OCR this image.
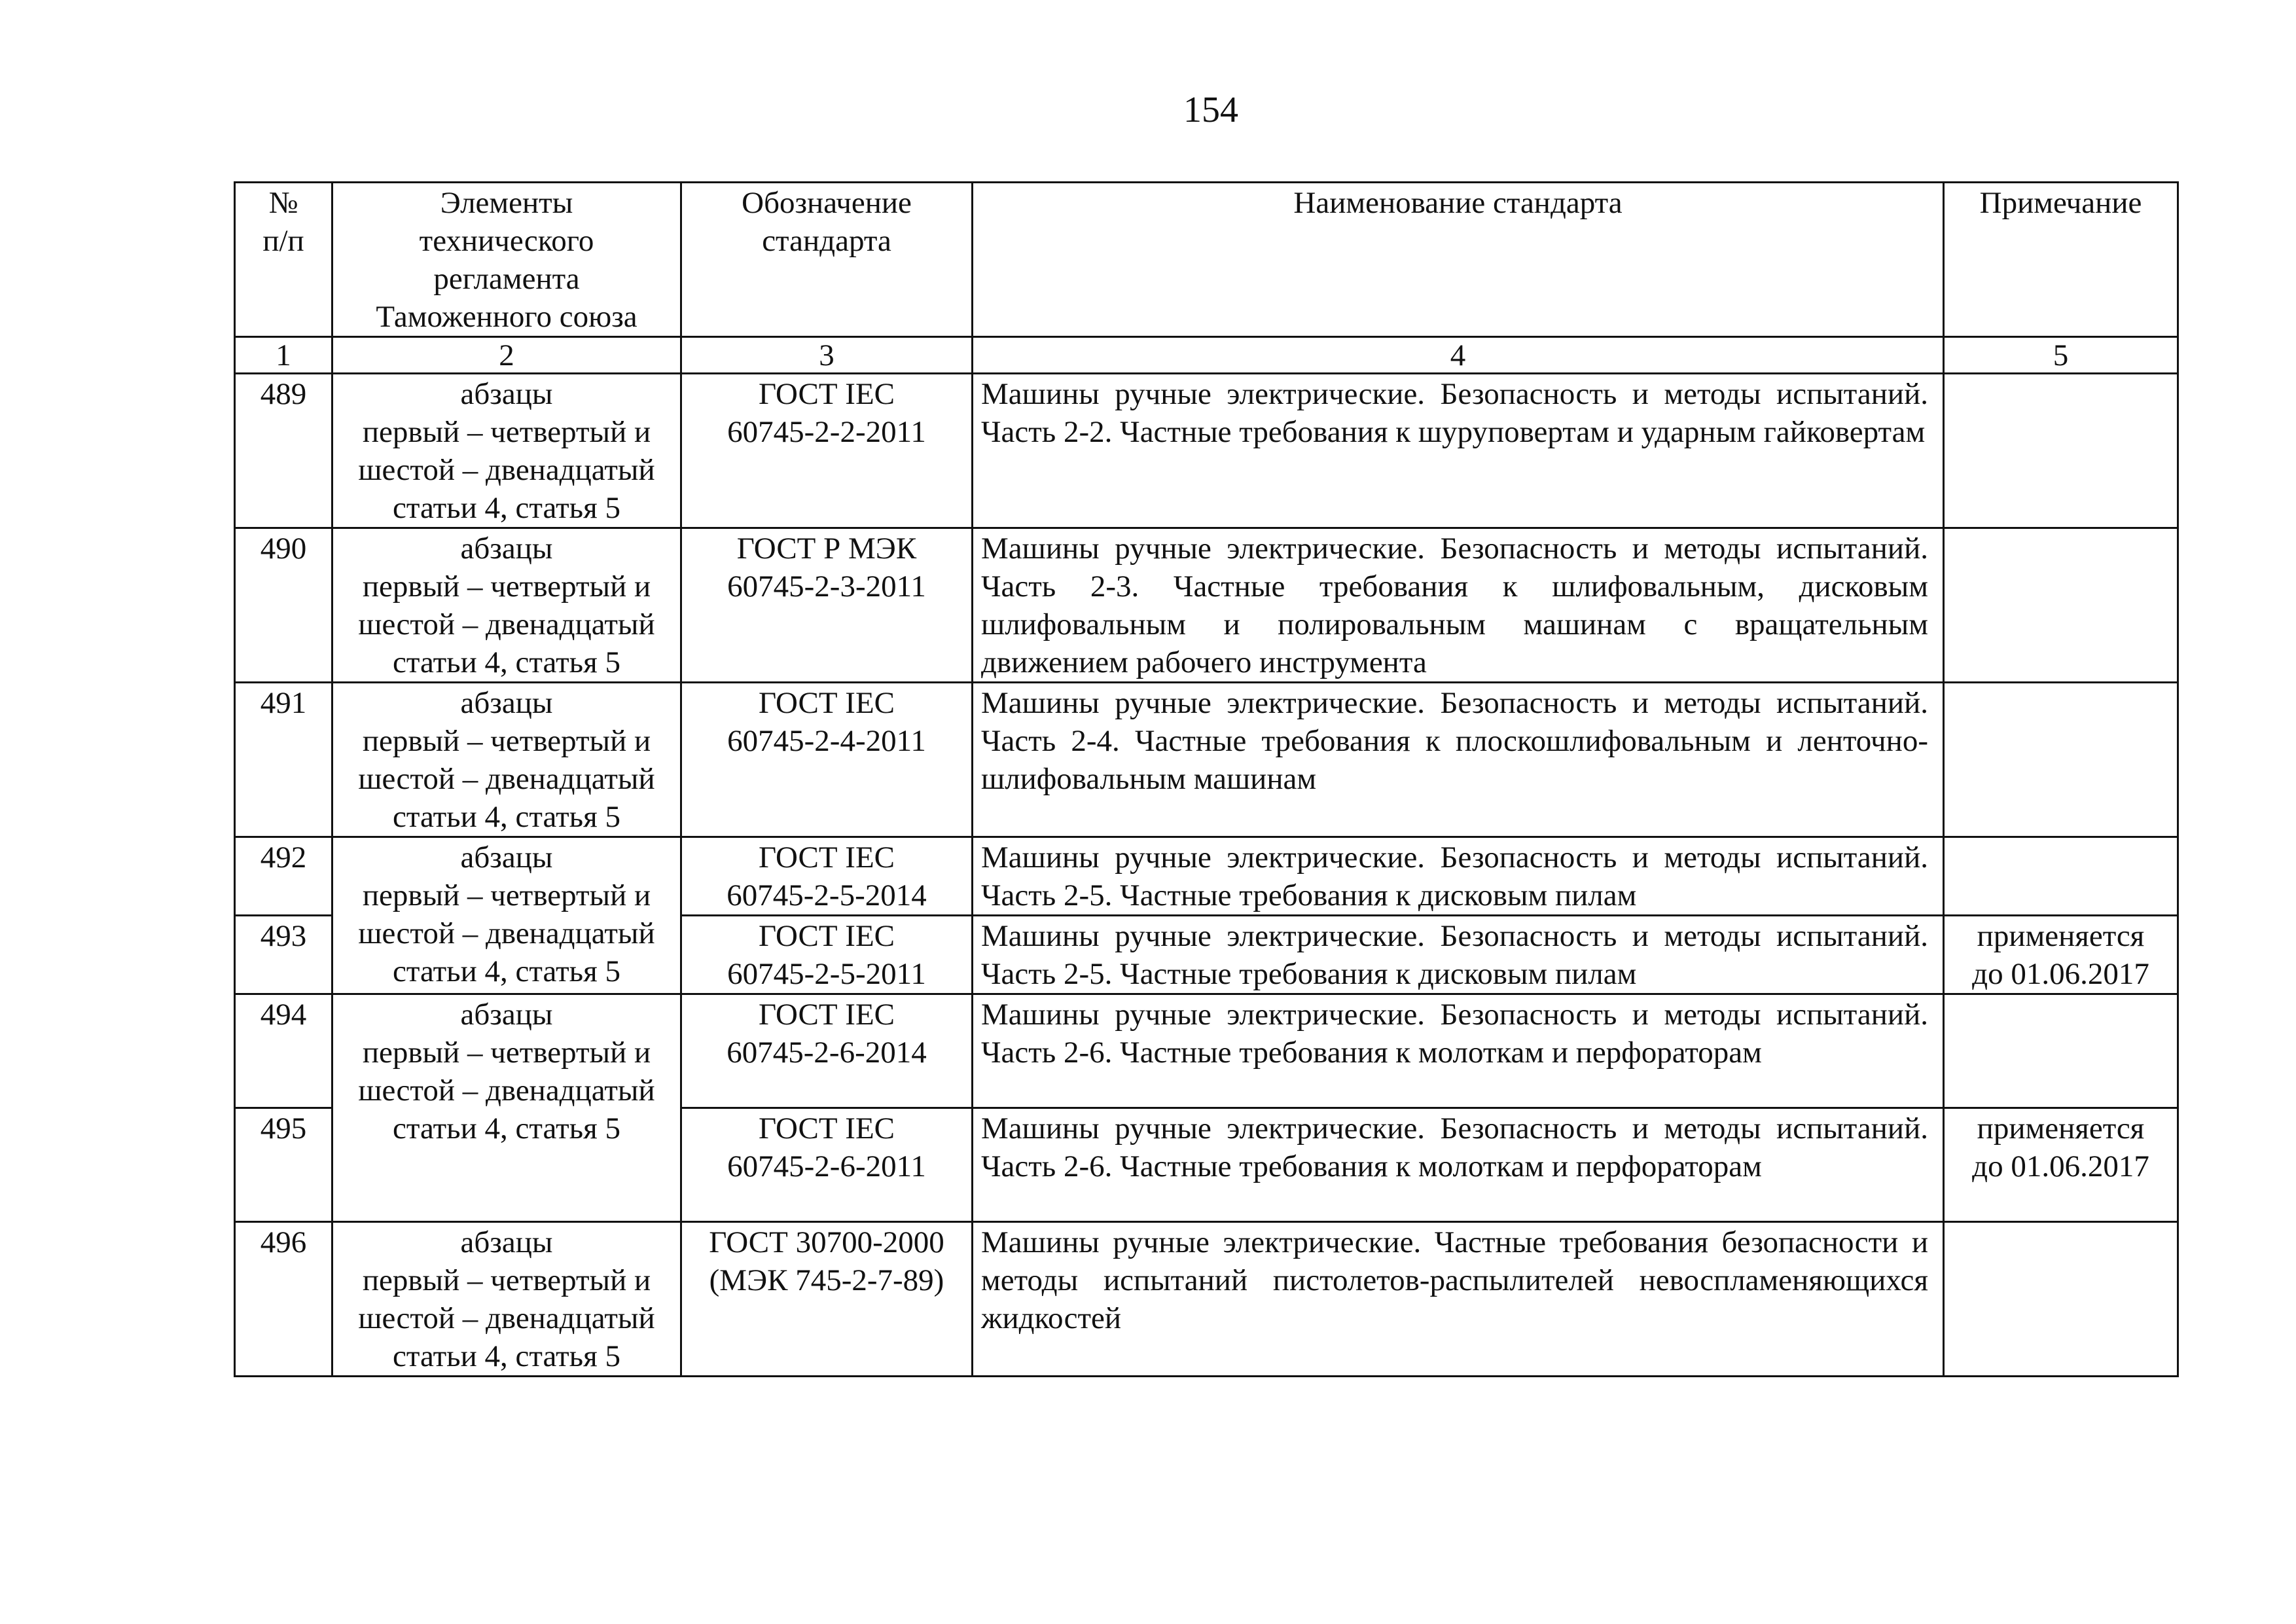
154
№
п/п	Элементы
технического
регламента
Таможенного союза	Обозначение
стандарта	Наименование стандарта	Примечание
1	2	3	4	5
489	абзацы
первый – четвертый и
шестой – двенадцатый
статьи 4, статья 5	ГОСТ IEC
60745-2-2-2011	Машины ручные электрические. Безопасность и методы испытаний. Часть 2-2. Частные требования к шуруповертам и ударным гайковертам	
490	абзацы
первый – четвертый и
шестой – двенадцатый
статьи 4, статья 5	ГОСТ Р МЭК
60745-2-3-2011	Машины ручные электрические. Безопасность и методы испытаний. Часть 2-3. Частные требования к шлифовальным, дисковым шлифовальным и полировальным машинам с вращательным движением рабочего инструмента	
491	абзацы
первый – четвертый и
шестой – двенадцатый
статьи 4, статья 5	ГОСТ IEC
60745-2-4-2011	Машины ручные электрические. Безопасность и методы испытаний. Часть 2-4. Частные требования к плоскошлифовальным и ленточно-шлифовальным машинам	
492	абзацы
первый – четвертый и
шестой – двенадцатый
статьи 4, статья 5	ГОСТ IEC
60745-2-5-2014	Машины ручные электрические. Безопасность и методы испытаний. Часть 2-5. Частные требования к дисковым пилам	
493		ГОСТ IEC
60745-2-5-2011	Машины ручные электрические. Безопасность и методы испытаний. Часть 2-5. Частные требования к дисковым пилам	применяется
до 01.06.2017

494	абзацы
первый – четвертый и
шестой – двенадцатый
статьи 4, статья 5	ГОСТ IEC
60745-2-6-2014	Машины ручные электрические. Безопасность и методы испытаний. Часть 2-6. Частные требования к молоткам и перфораторам	
495		ГОСТ IEC
60745-2-6-2011	Машины ручные электрические. Безопасность и методы испытаний. Часть 2-6. Частные требования к молоткам и перфораторам	применяется
до 01.06.2017

496	абзацы
первый – четвертый и
шестой – двенадцатый
статьи 4, статья 5	ГОСТ 30700-2000
(МЭК 745-2-7-89)	Машины ручные электрические. Частные требования безопасности и методы испытаний пистолетов-распылителей невоспламеняющихся жидкостей	
